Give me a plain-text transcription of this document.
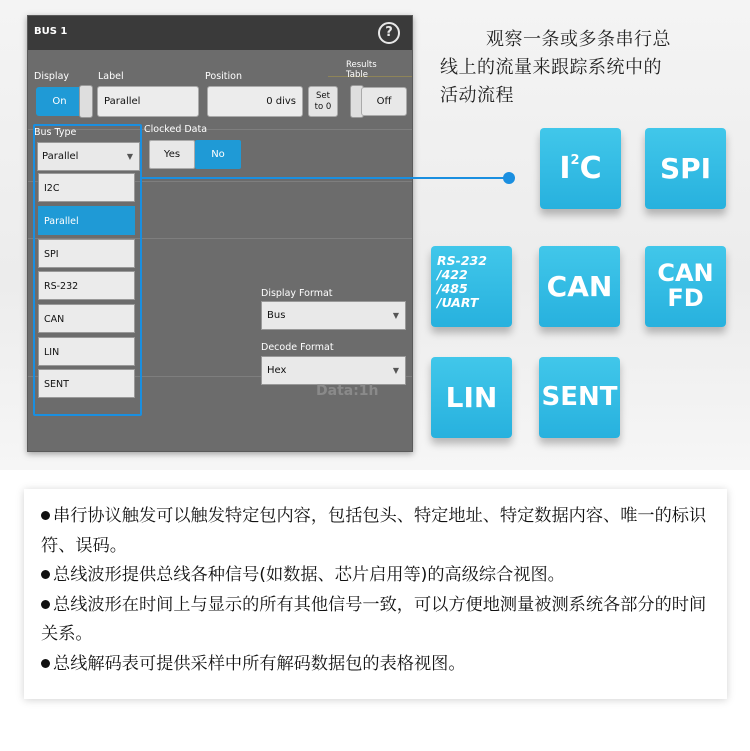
BUS 1	?
Display	Label	Position
Results
Table
On	Parallel	0 divs	Set
to 0	Off
Bus Type	Clocked Data
Parallel	▼	Yes	No
I2C
Parallel
SPI
RS-232
CAN
LIN
SENT
Display Format
Bus	▼
Decode Format
Hex	▼
Data:1h
观察一条或多条串行总
线上的流量来跟踪系统中的
活动流程
$I^2C$	SPI
RS-232
/422
/485
/UART	CAN	CAN
FD
LIN	SENT
串行协议触发可以触发特定包内容，包括包头、特定地址、特定数据内容、唯一的标识符、误码。
总线波形提供总线各种信号(如数据、芯片启用等)的高级综合视图。
总线波形在时间上与显示的所有其他信号一致，可以方便地测量被测系统各部分的时间关系。
总线解码表可提供采样中所有解码数据包的表格视图。
